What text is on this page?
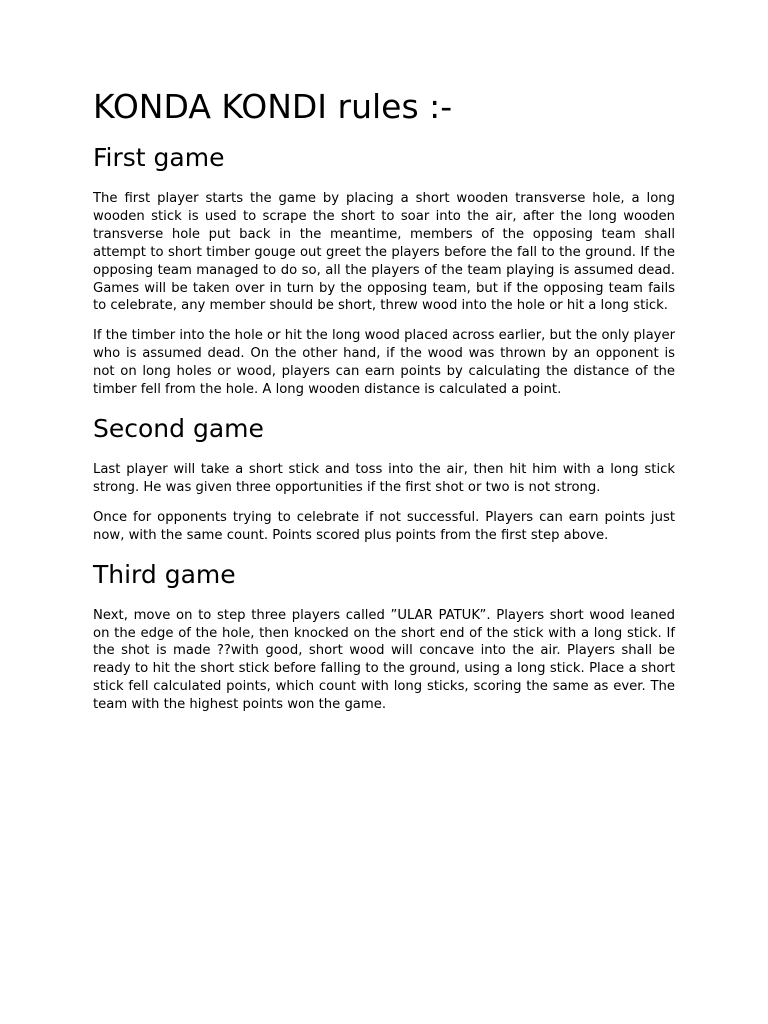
KONDA KONDI rules :-
First game

The first player starts the game by placing a short wooden transverse hole, a long wooden stick is used to scrape the short to soar into the air, after the long wooden transverse hole put back in the meantime, members of the opposing team shall attempt to short timber gouge out greet the players before the fall to the ground. If the opposing team managed to do so, all the players of the team playing is assumed dead. Games will be taken over in turn by the opposing team, but if the opposing team fails to celebrate, any member should be short, threw wood into the hole or hit a long stick.

If the timber into the hole or hit the long wood placed across earlier, but the only player who is assumed dead. On the other hand, if the wood was thrown by an opponent is not on long holes or wood, players can earn points by calculating the distance of the timber fell from the hole. A long wooden distance is calculated a point.

Second game

Last player will take a short stick and toss into the air, then hit him with a long stick strong. He was given three opportunities if the first shot or two is not strong.

Once for opponents trying to celebrate if not successful. Players can earn points just now, with the same count. Points scored plus points from the first step above.

Third game

Next, move on to step three players called ”ULAR PATUK”. Players short wood leaned on the edge of the hole, then knocked on the short end of the stick with a long stick. If the shot is made ??with good, short wood will concave into the air. Players shall be ready to hit the short stick before falling to the ground, using a long stick. Place a short stick fell calculated points, which count with long sticks, scoring the same as ever. The team with the highest points won the game.
